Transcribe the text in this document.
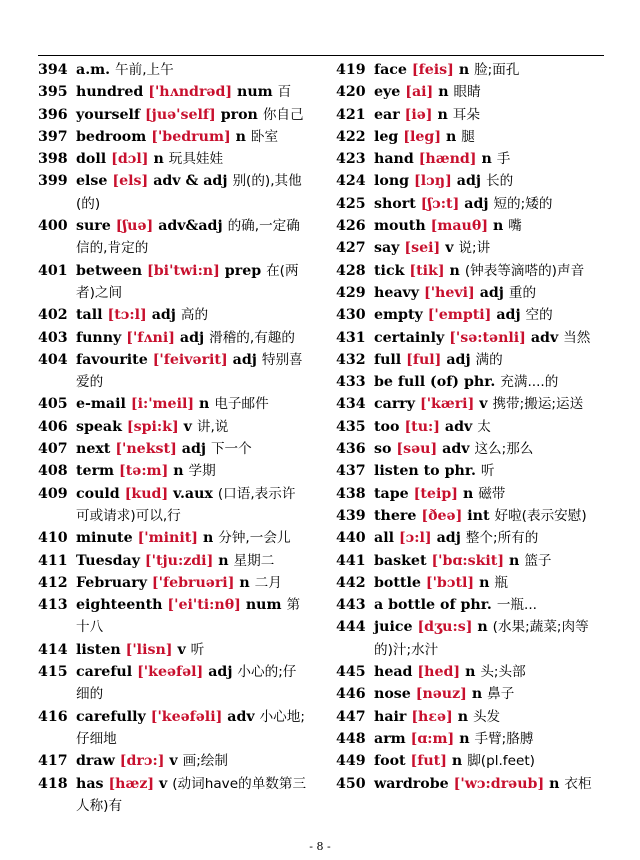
394 a.m. 午前,上午
395 hundred ['hʌndrəd] num 百
396 yourself [juə'self] pron 你自己
397 bedroom ['bedrum] n 卧室
398 doll [dɔl] n 玩具娃娃
399 else [els] adv & adj 别(的),其他(的)
400 sure [ʃuə] adv&adj 的确,一定确信的,肯定的
401 between [bi'twi:n] prep 在(两者)之间
402 tall [tɔ:l] adj 高的
403 funny ['fʌni] adj 滑稽的,有趣的
404 favourite ['feivərit] adj 特别喜爱的
405 e-mail [i:'meil] n 电子邮件
406 speak [spi:k] v 讲,说
407 next ['nekst] adj 下一个
408 term [tə:m] n 学期
409 could [kud] v.aux (口语,表示许可或请求)可以,行
410 minute ['minit] n 分钟,一会儿
411 Tuesday ['tju:zdi] n 星期二
412 February ['februəri] n 二月
413 eighteenth ['ei'ti:nθ] num 第十八
414 listen ['lisn] v 听
415 careful ['keəfəl] adj 小心的;仔细的
416 carefully ['keəfəli] adv 小心地;仔细地
417 draw [drɔ:] v 画;绘制
418 has [hæz] v (动词have的单数第三人称)有
419 face [feis] n 脸;面孔
420 eye [ai] n 眼睛
421 ear [iə] n 耳朵
422 leg [leg] n 腿
423 hand [hænd] n 手
424 long [lɔŋ] adj 长的
425 short [ʃɔ:t] adj 短的;矮的
426 mouth [mauθ] n 嘴
427 say [sei] v 说;讲
428 tick [tik] n (钟表等滴嗒的)声音
429 heavy ['hevi] adj 重的
430 empty ['empti] adj 空的
431 certainly ['sə:tənli] adv 当然
432 full [ful] adj 满的
433 be full (of) phr. 充满....的
434 carry ['kæri] v 携带;搬运;运送
435 too [tu:] adv 太
436 so [səu] adv 这么;那么
437 listen to phr. 听
438 tape [teip] n 磁带
439 there [ðeə] int 好啦(表示安慰)
440 all [ɔ:l] adj 整个;所有的
441 basket ['bɑ:skit] n 篮子
442 bottle ['bɔtl] n 瓶
443 a bottle of phr. 一瓶...
444 juice [dʒu:s] n (水果;蔬菜;肉等的)汁;水汁
445 head [hed] n 头;头部
446 nose [nəuz] n 鼻子
447 hair [hεə] n 头发
448 arm [ɑ:m] n 手臂;胳膊
449 foot [fut] n 脚(pl.feet)
450 wardrobe ['wɔ:drəub] n 衣柜
- 8 -
